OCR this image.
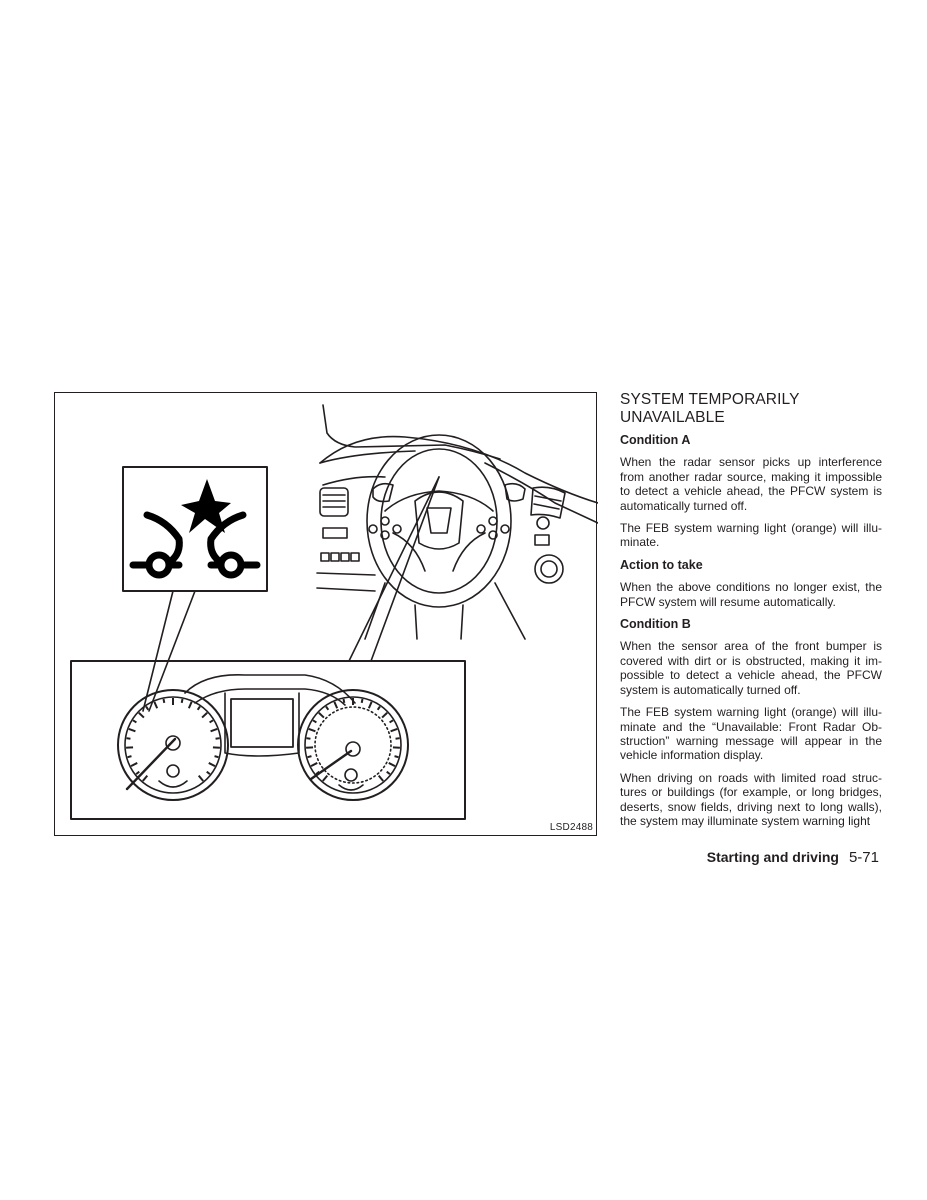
LSD2488
SYSTEM TEMPORARILY UNAVAILABLE
Condition A

When the radar sensor picks up interference from another radar source, making it impossible to detect a vehicle ahead, the PFCW system is automatically turned off.

The FEB system warning light (orange) will illuminate.

Action to take

When the above conditions no longer exist, the PFCW system will resume automatically.

Condition B

When the sensor area of the front bumper is covered with dirt or is obstructed, making it impossible to detect a vehicle ahead, the PFCW system is automatically turned off.

The FEB system warning light (orange) will illuminate and the “Unavailable: Front Radar Obstruction” warning message will appear in the vehicle information display.

When driving on roads with limited road structures or buildings (for example, or long bridges, deserts, snow fields, driving next to long walls), the system may illuminate system warning light

Starting and driving 5-71
